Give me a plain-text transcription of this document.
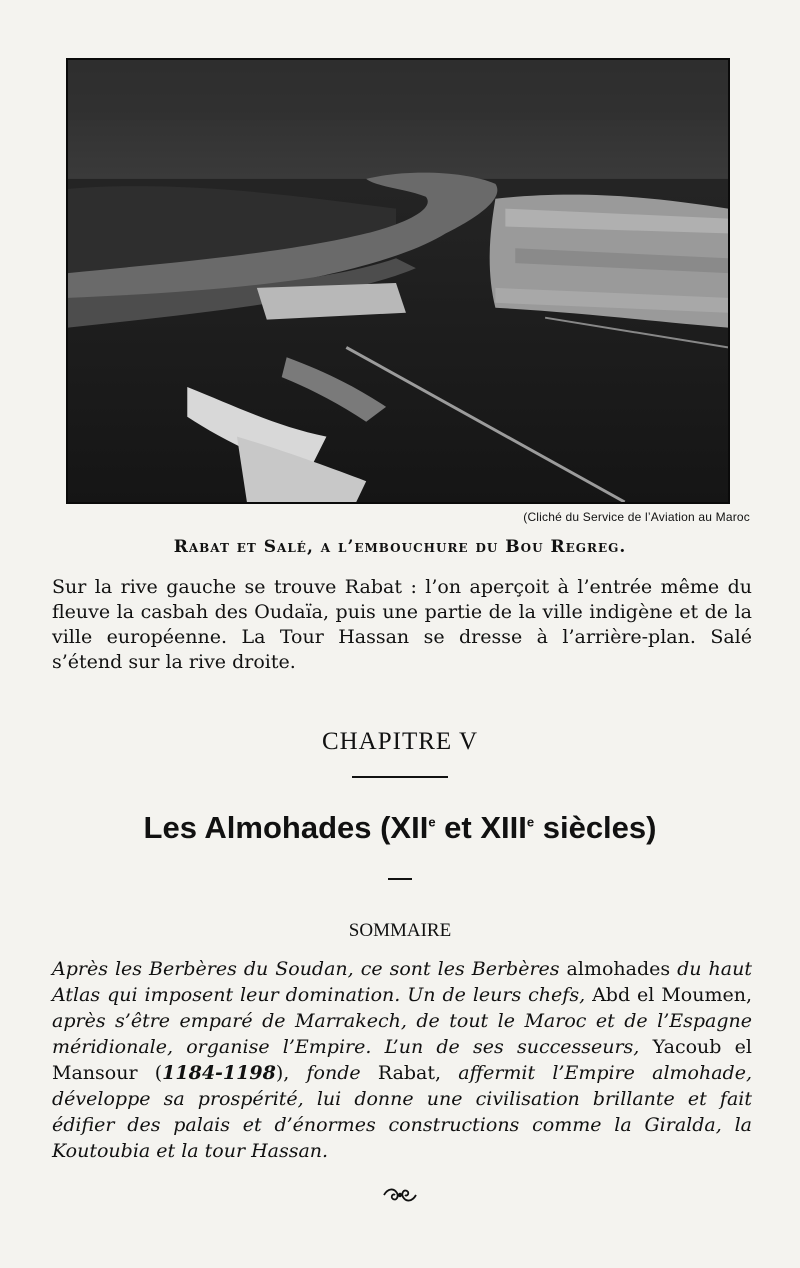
(Cliché du Service de l’Aviation au Maroc
Rabat et Salé, a l’embouchure du Bou Regreg.
Sur la rive gauche se trouve Rabat : l’on aperçoit à l’entrée même du fleuve la casbah des Oudaïa, puis une partie de la ville indigène et de la ville européenne. La Tour Hassan se dresse à l’arrière-plan. Salé s’étend sur la rive droite.
CHAPITRE V
Les Almohades (XIIe et XIIIe siècles)
SOMMAIRE
Après les Berbères du Soudan, ce sont les Berbères almohades du haut Atlas qui imposent leur domination. Un de leurs chefs, Abd el Moumen, après s’être emparé de Marrakech, de tout le Maroc et de l’Espagne méridionale, organise l’Empire. L’un de ses successeurs, Yacoub el Mansour (1184-1198), fonde Rabat, affermit l’Empire almohade, développe sa prospérité, lui donne une civilisation brillante et fait édifier des palais et d’énormes constructions comme la Giralda, la Koutoubia et la tour Hassan.
